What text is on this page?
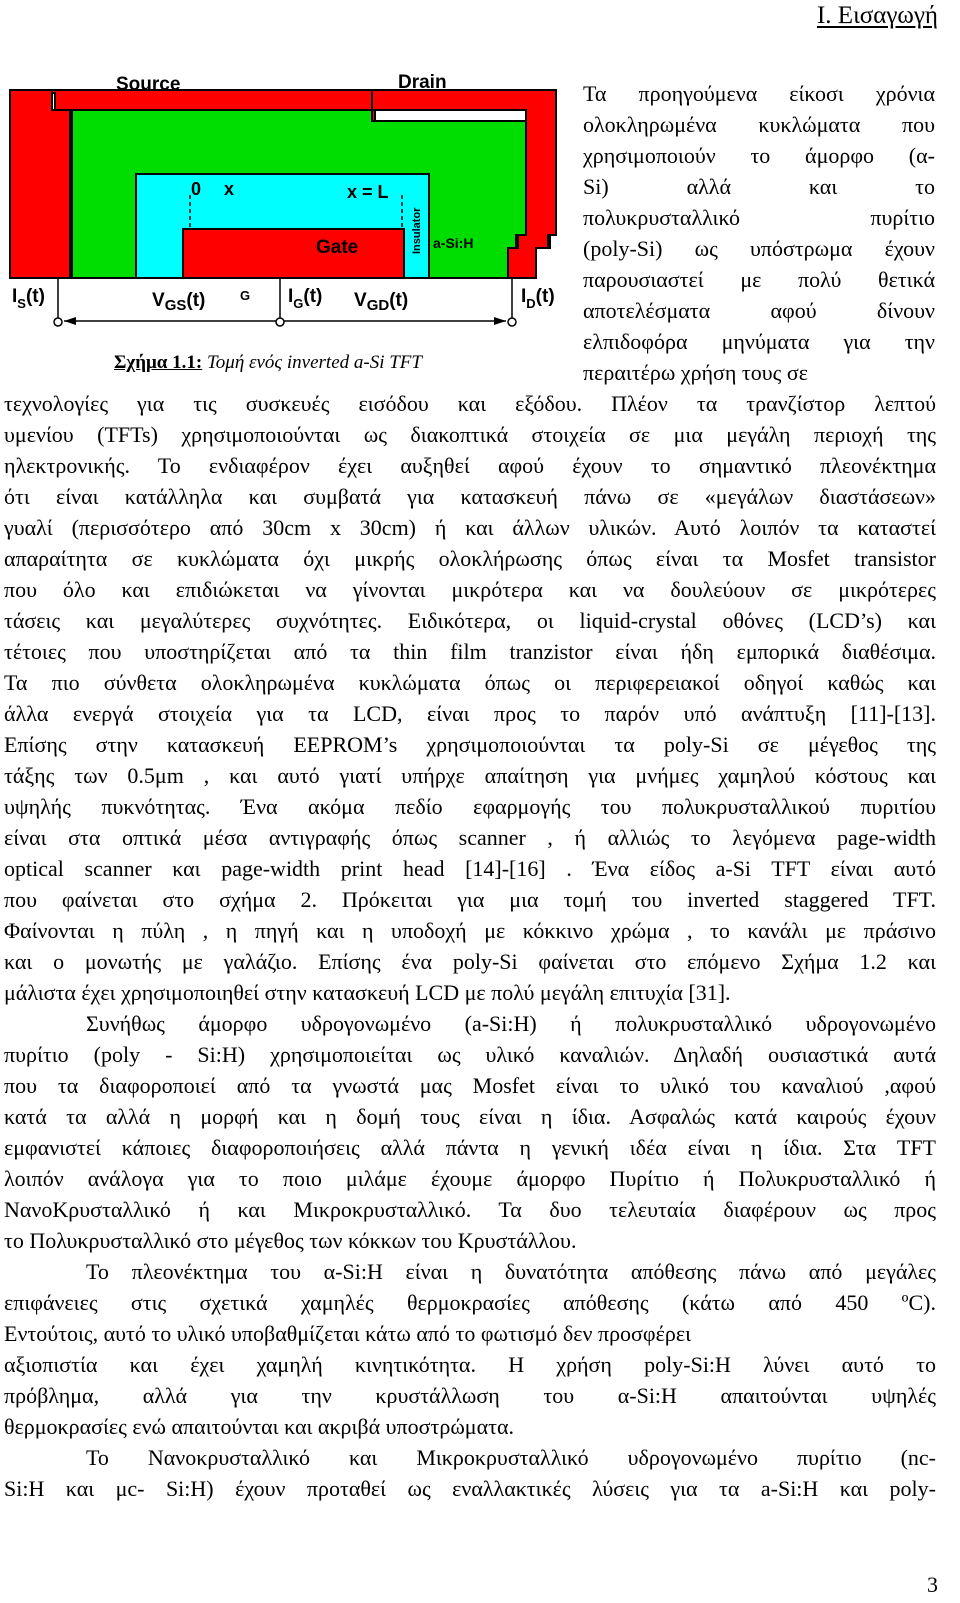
I. Εισαγωγή
Source	Drain
0 x	x = L
Gate	Insulator a-Si:H
$I_S(t)$	$V_{GS}(t)$	G $I_G(t)$ $V_{GD}(t)$	$I_D(t)$
Σχήμα 1.1: Τομή ενός inverted a-Si TFT
Τα προηγούμενα είκοσι χρόνια
ολοκληρωμένα κυκλώματα που
χρησιμοποιούν το άμορφο (α-
Si) αλλά και το
πολυκρυσταλλικό πυρίτιο
(poly-Si) ως υπόστρωμα έχουν
παρουσιαστεί με πολύ θετικά
αποτελέσματα αφού δίνουν
ελπιδοφόρα μηνύματα για την
περαιτέρω χρήση τους σε
τεχνολογίες για τις συσκευές εισόδου και εξόδου. Πλέον τα τρανζίστορ λεπτού
υμενίου (TFTs) χρησιμοποιούνται ως διακοπτικά στοιχεία σε μια μεγάλη περιοχή της
ηλεκτρονικής. Το ενδιαφέρον έχει αυξηθεί αφού έχουν το σημαντικό πλεονέκτημα
ότι είναι κατάλληλα και συμβατά για κατασκευή πάνω σε «μεγάλων διαστάσεων»
γυαλί (περισσότερο από 30cm x 30cm) ή και άλλων υλικών. Αυτό λοιπόν τα καταστεί
απαραίτητα σε κυκλώματα όχι μικρής ολοκλήρωσης όπως είναι τα Mosfet transistor
που όλο και επιδιώκεται να γίνονται μικρότερα και να δουλεύουν σε μικρότερες
τάσεις και μεγαλύτερες συχνότητες. Ειδικότερα, οι liquid-crystal οθόνες (LCD’s) και
τέτοιες που υποστηρίζεται από τα thin film tranzistor είναι ήδη εμπορικά διαθέσιμα.
Τα πιο σύνθετα ολοκληρωμένα κυκλώματα όπως οι περιφερειακοί οδηγοί καθώς και
άλλα ενεργά στοιχεία για τα LCD, είναι προς το παρόν υπό ανάπτυξη [11]-[13].
Επίσης στην κατασκευή EEPROM’s χρησιμοποιούνται τα poly-Si σε μέγεθος της
τάξης των 0.5μm , και αυτό γιατί υπήρχε απαίτηση για μνήμες χαμηλού κόστους και
υψηλής πυκνότητας. Ένα ακόμα πεδίο εφαρμογής του πολυκρυσταλλικού πυριτίου
είναι στα οπτικά μέσα αντιγραφής όπως scanner , ή αλλιώς το λεγόμενα page-width
optical scanner και page-width print head [14]-[16] . Ένα είδος a-Si TFT είναι αυτό
που φαίνεται στο σχήμα 2. Πρόκειται για μια τομή του inverted staggered TFT.
Φαίνονται η πύλη , η πηγή και η υποδοχή με κόκκινο χρώμα , το κανάλι με πράσινο
και ο μονωτής με γαλάζιο. Επίσης ένα poly-Si φαίνεται στο επόμενο Σχήμα 1.2 και
μάλιστα έχει χρησιμοποιηθεί στην κατασκευή LCD με πολύ μεγάλη επιτυχία [31].
Συνήθως άμορφο υδρογονωμένο (a-Si:H) ή πολυκρυσταλλικό υδρογονωμένο
πυρίτιο (poly - Si:H) χρησιμοποιείται ως υλικό καναλιών. Δηλαδή ουσιαστικά αυτά
που τα διαφοροποιεί από τα γνωστά μας Mosfet είναι το υλικό του καναλιού ,αφού
κατά τα αλλά η μορφή και η δομή τους είναι η ίδια. Ασφαλώς κατά καιρούς έχουν
εμφανιστεί κάποιες διαφοροποιήσεις αλλά πάντα η γενική ιδέα είναι η ίδια. Στα TFT
λοιπόν ανάλογα για το ποιο μιλάμε έχουμε άμορφο Πυρίτιο ή Πολυκρυσταλλικό ή
ΝανοΚρυσταλλικό ή και Μικροκρυσταλλικό. Τα δυο τελευταία διαφέρουν ως προς
το Πολυκρυσταλλικό στο μέγεθος των κόκκων του Κρυστάλλου.
Το πλεονέκτημα του α-Si:H είναι η δυνατότητα απόθεσης πάνω από μεγάλες
επιφάνειες στις σχετικά χαμηλές θερμοκρασίες απόθεσης (κάτω από 450 ºC).
Εντούτοις, αυτό το υλικό υποβαθμίζεται κάτω από το φωτισμό δεν προσφέρει
αξιοπιστία και έχει χαμηλή κινητικότητα. Η χρήση poly-Si:H λύνει αυτό το
πρόβλημα, αλλά για την κρυστάλλωση του α-Si:H απαιτούνται υψηλές
θερμοκρασίες ενώ απαιτούνται και ακριβά υποστρώματα.
Το Νανοκρυσταλλικό και Μικροκρυσταλλικό υδρογονωμένο πυρίτιο (nc-
Si:H και μc- Si:H) έχουν προταθεί ως εναλλακτικές λύσεις για τα a-Si:H και poly-
3
